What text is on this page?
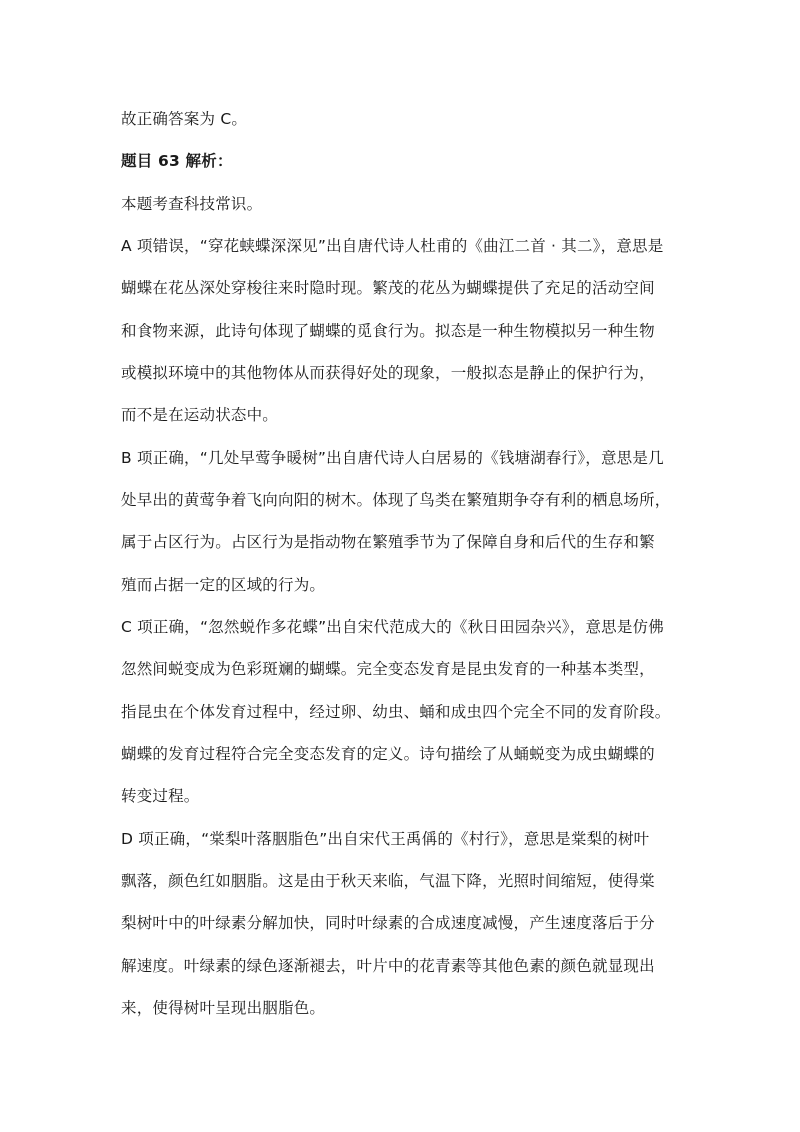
故正确答案为 C。
题目 63 解析：
本题考查科技常识。
A 项错误，“穿花蛱蝶深深见”出自唐代诗人杜甫的《曲江二首 · 其二》，意思是
蝴蝶在花丛深处穿梭往来时隐时现。繁茂的花丛为蝴蝶提供了充足的活动空间
和食物来源，此诗句体现了蝴蝶的觅食行为。拟态是一种生物模拟另一种生物
或模拟环境中的其他物体从而获得好处的现象，一般拟态是静止的保护行为，
而不是在运动状态中。
B 项正确，“几处早莺争暖树”出自唐代诗人白居易的《钱塘湖春行》，意思是几
处早出的黄莺争着飞向向阳的树木。体现了鸟类在繁殖期争夺有利的栖息场所，
属于占区行为。占区行为是指动物在繁殖季节为了保障自身和后代的生存和繁
殖而占据一定的区域的行为。
C 项正确，“忽然蜕作多花蝶”出自宋代范成大的《秋日田园杂兴》，意思是仿佛
忽然间蜕变成为色彩斑斓的蝴蝶。完全变态发育是昆虫发育的一种基本类型，
指昆虫在个体发育过程中，经过卵、幼虫、蛹和成虫四个完全不同的发育阶段。
蝴蝶的发育过程符合完全变态发育的定义。诗句描绘了从蛹蜕变为成虫蝴蝶的
转变过程。
D 项正确，“棠梨叶落胭脂色”出自宋代王禹偁的《村行》，意思是棠梨的树叶
飘落，颜色红如胭脂。这是由于秋天来临，气温下降，光照时间缩短，使得棠
梨树叶中的叶绿素分解加快，同时叶绿素的合成速度减慢，产生速度落后于分
解速度。叶绿素的绿色逐渐褪去，叶片中的花青素等其他色素的颜色就显现出
来，使得树叶呈现出胭脂色。
